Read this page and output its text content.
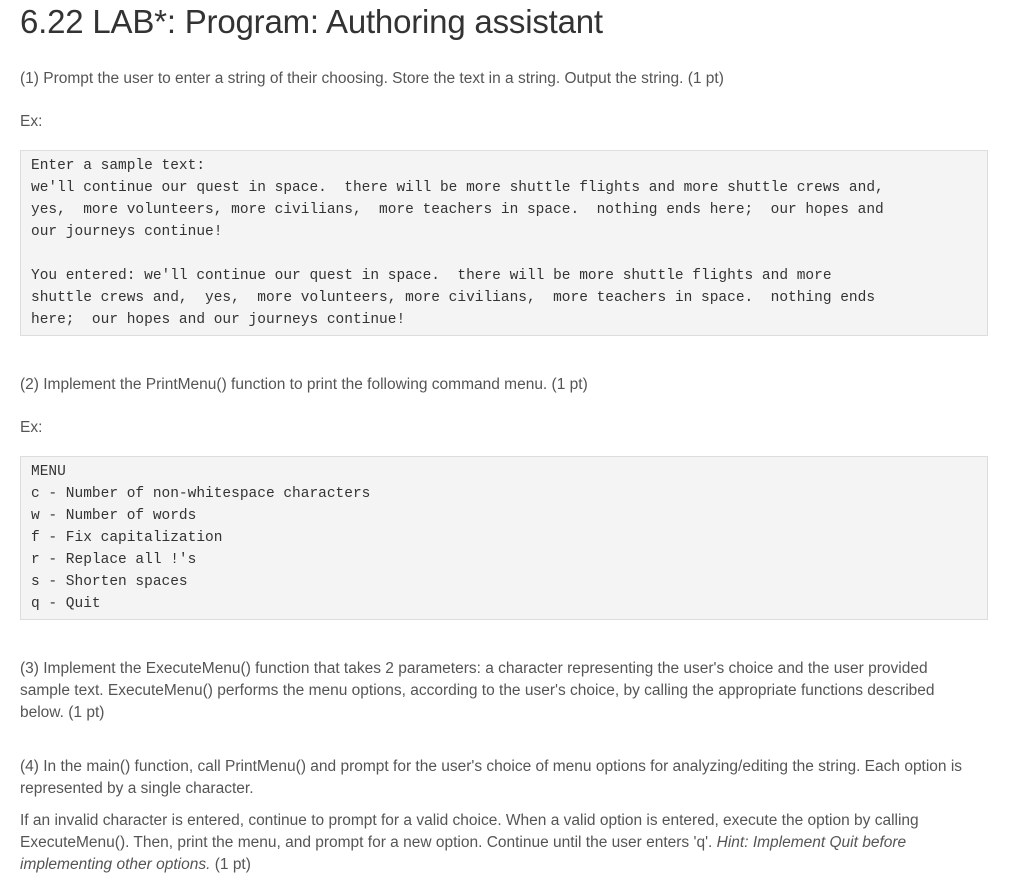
6.22 LAB*: Program: Authoring assistant
(1) Prompt the user to enter a string of their choosing. Store the text in a string. Output the string. (1 pt)
Ex:
Enter a sample text:
we'll continue our quest in space.  there will be more shuttle flights and more shuttle crews and,
yes,  more volunteers, more civilians,  more teachers in space.  nothing ends here;  our hopes and
our journeys continue!
You entered: we'll continue our quest in space.  there will be more shuttle flights and more
shuttle crews and,  yes,  more volunteers, more civilians,  more teachers in space.  nothing ends
here;  our hopes and our journeys continue!
(2) Implement the PrintMenu() function to print the following command menu. (1 pt)
Ex:
MENU
c - Number of non-whitespace characters
w - Number of words
f - Fix capitalization
r - Replace all !'s
s - Shorten spaces
q - Quit
(3) Implement the ExecuteMenu() function that takes 2 parameters: a character representing the user's choice and the user provided
sample text. ExecuteMenu() performs the menu options, according to the user's choice, by calling the appropriate functions described
below. (1 pt)
(4) In the main() function, call PrintMenu() and prompt for the user's choice of menu options for analyzing/editing the string. Each option is
represented by a single character.
If an invalid character is entered, continue to prompt for a valid choice. When a valid option is entered, execute the option by calling
ExecuteMenu(). Then, print the menu, and prompt for a new option. Continue until the user enters 'q'. Hint: Implement Quit before
implementing other options. (1 pt)
